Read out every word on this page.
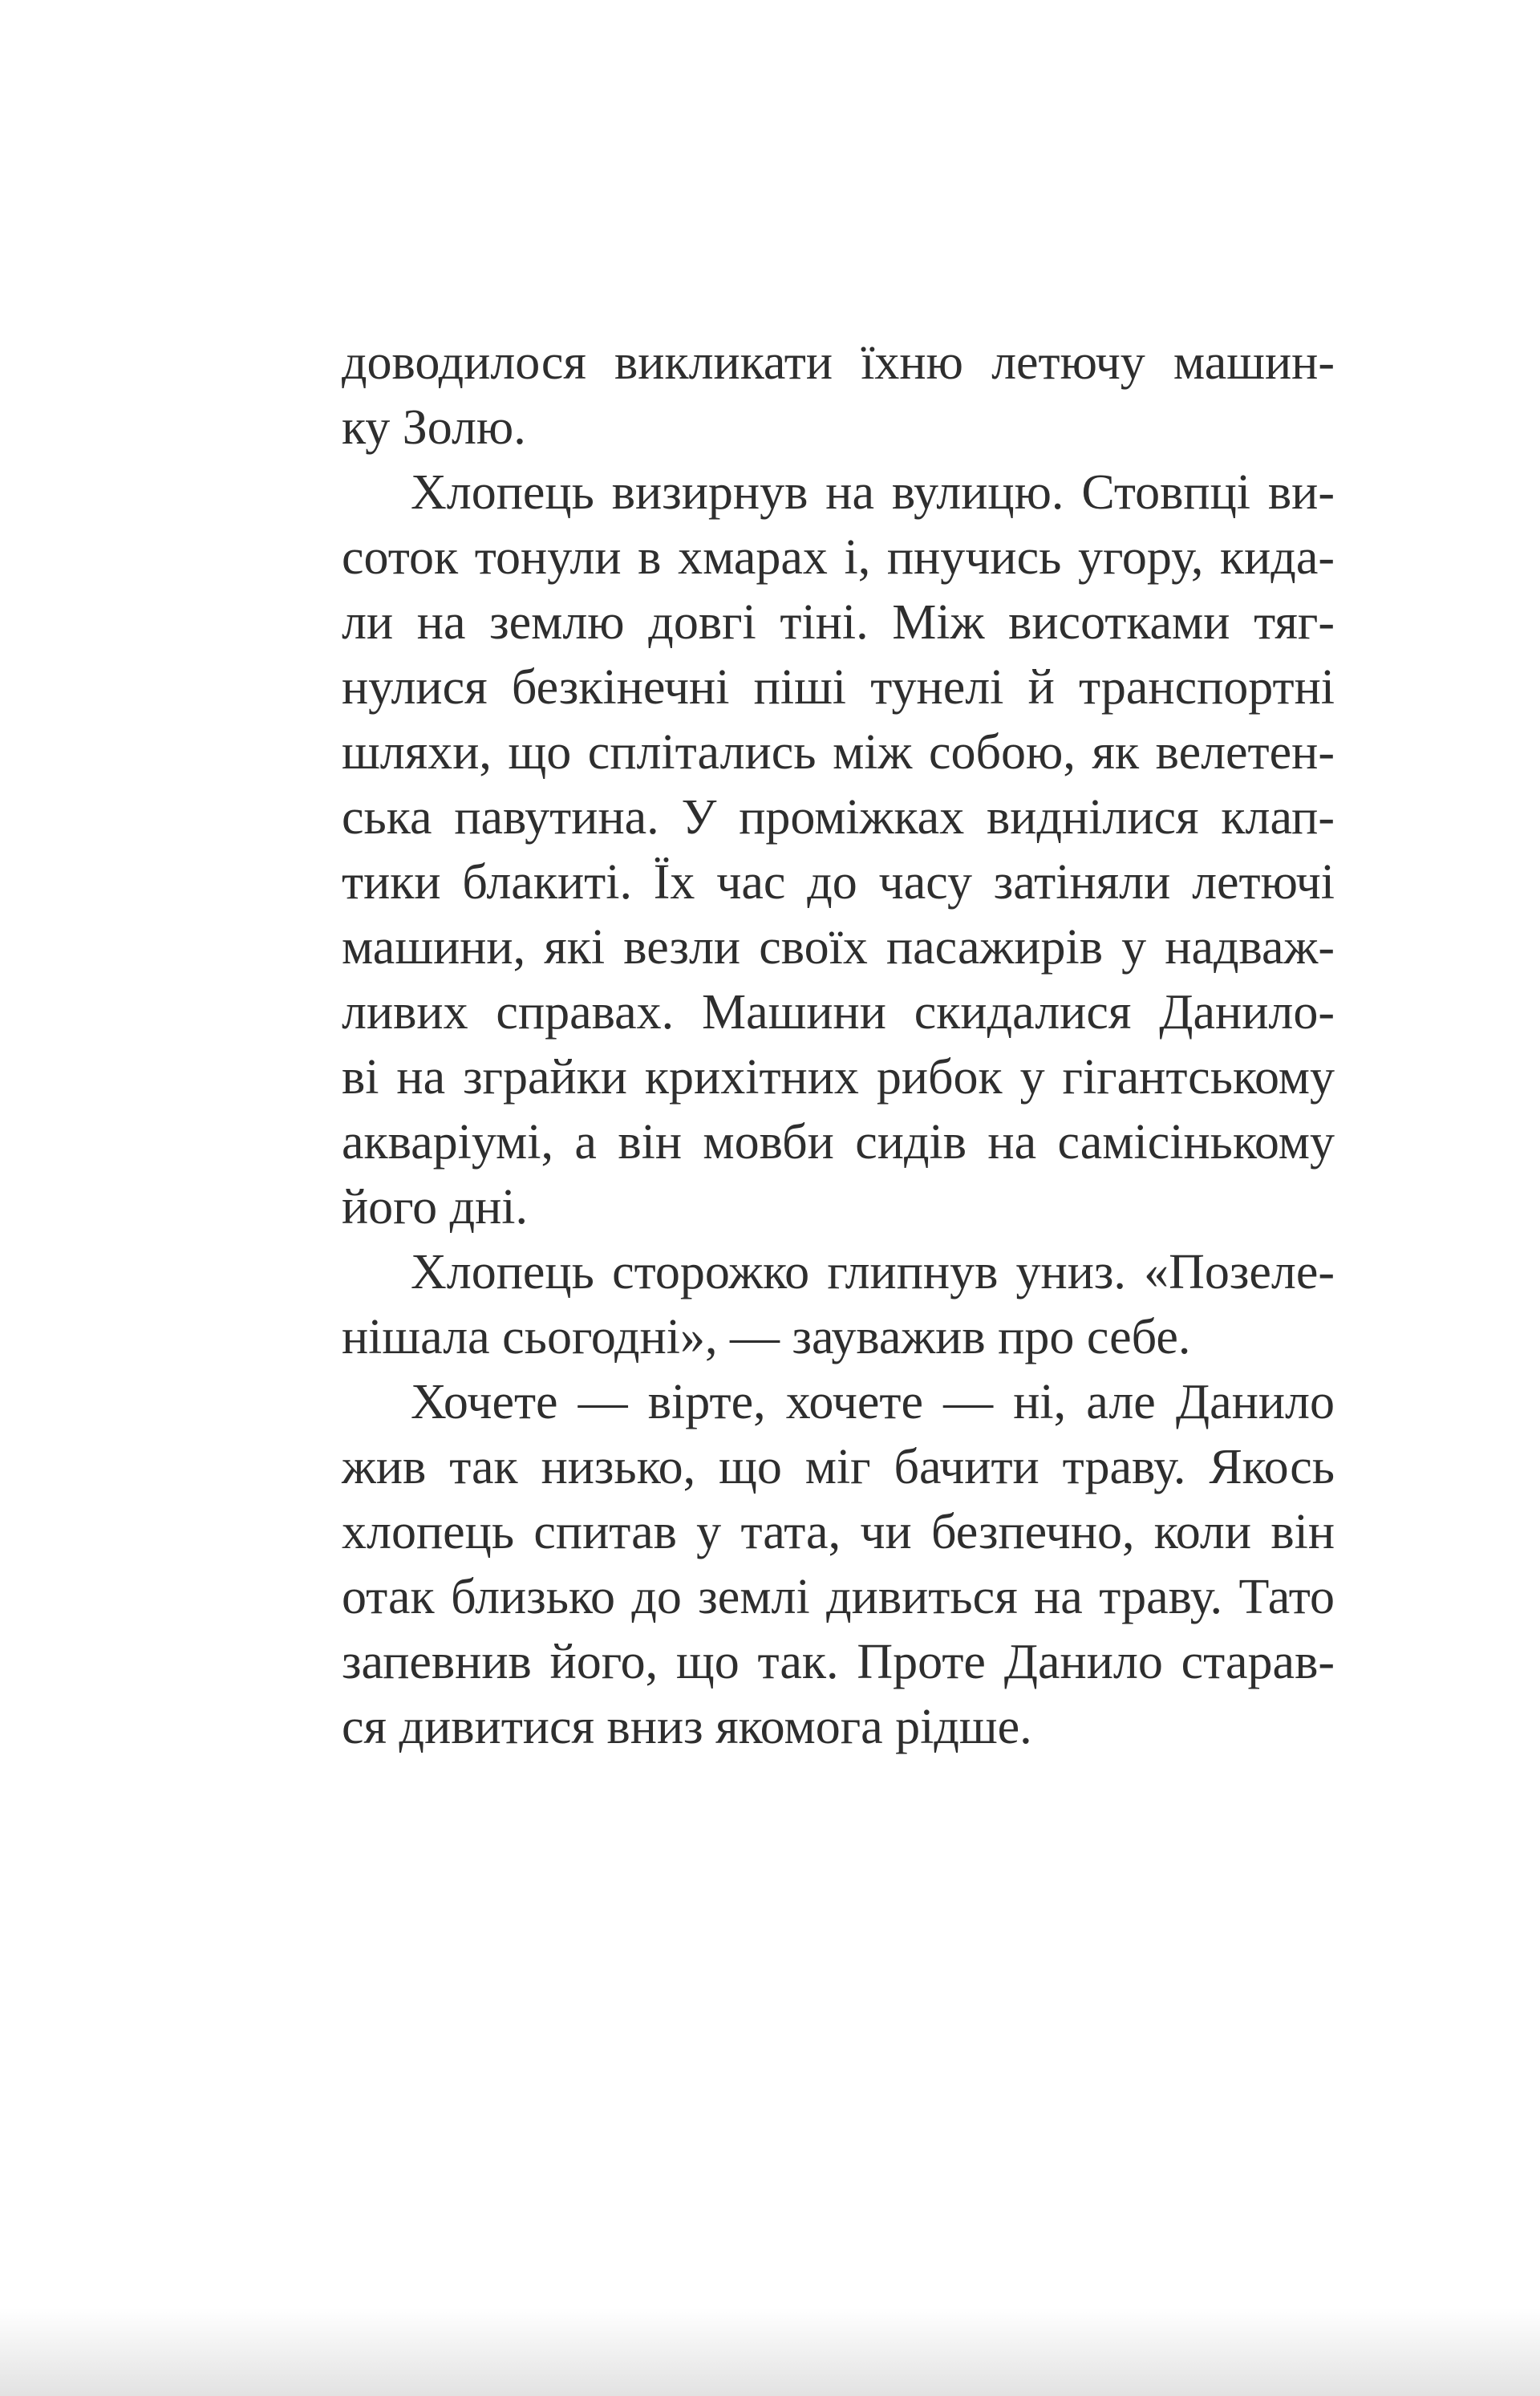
доводилося викликати їхню летючу машин-
ку Золю.
Хлопець визирнув на вулицю. Стовпці ви-
соток тонули в хмарах і, пнучись угору, кида-
ли на землю довгі тіні. Між висотками тяг-
нулися безкінечні піші тунелі й транспортні
шляхи, що сплітались між собою, як велетен-
ська павутина. У проміжках виднілися клап-
тики блакиті. Їх час до часу затіняли летючі
машини, які везли своїх пасажирів у надваж-
ливих справах. Машини скидалися Данило-
ві на зграйки крихітних рибок у гігантському
акваріумі, а він мовби сидів на самісінькому
його дні.
Хлопець сторожко глипнув униз. «Позеле-
нішала сьогодні», — зауважив про себе.
Хочете — вірте, хочете — ні, але Данило
жив так низько, що міг бачити траву. Якось
хлопець спитав у тата, чи безпечно, коли він
отак близько до землі дивиться на траву. Тато
запевнив його, що так. Проте Данило старав-
ся дивитися вниз якомога рідше.
